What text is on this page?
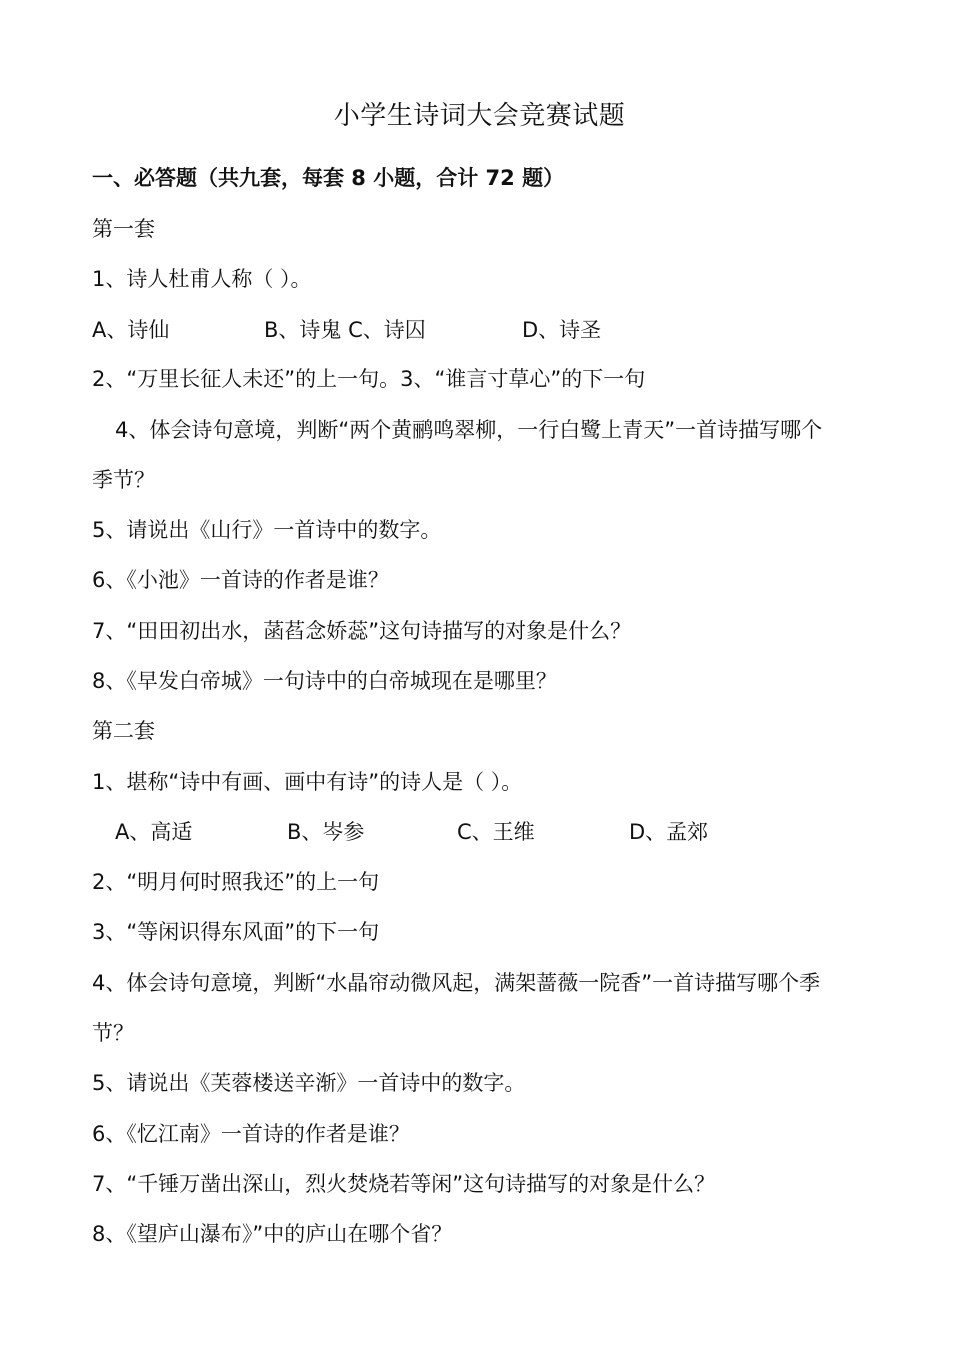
小学生诗词大会竞赛试题
一、必答题（共九套，每套 8 小题，合计 72 题）
第一套
1、诗人杜甫人称（ ）。
A、诗仙	B、诗鬼 C、诗囚	D、诗圣
2、“万里长征人未还”的上一句。3、“谁言寸草心”的下一句
4、体会诗句意境，判断“两个黄鹂鸣翠柳，一行白鹭上青天”一首诗描写哪个
季节？
5、请说出《山行》一首诗中的数字。
6、《小池》一首诗的作者是谁？
7、“田田初出水，菡萏念娇蕊”这句诗描写的对象是什么？
8、《早发白帝城》一句诗中的白帝城现在是哪里？
第二套
1、堪称“诗中有画、画中有诗”的诗人是（ ）。
A、高适	B、岑参	C、王维	D、孟郊
2、“明月何时照我还”的上一句
3、“等闲识得东风面”的下一句
4、体会诗句意境，判断“水晶帘动微风起，满架蔷薇一院香”一首诗描写哪个季
节？
5、请说出《芙蓉楼送辛渐》一首诗中的数字。
6、《忆江南》一首诗的作者是谁？
7、“千锤万凿出深山，烈火焚烧若等闲”这句诗描写的对象是什么？
8、《望庐山瀑布》”中的庐山在哪个省？
